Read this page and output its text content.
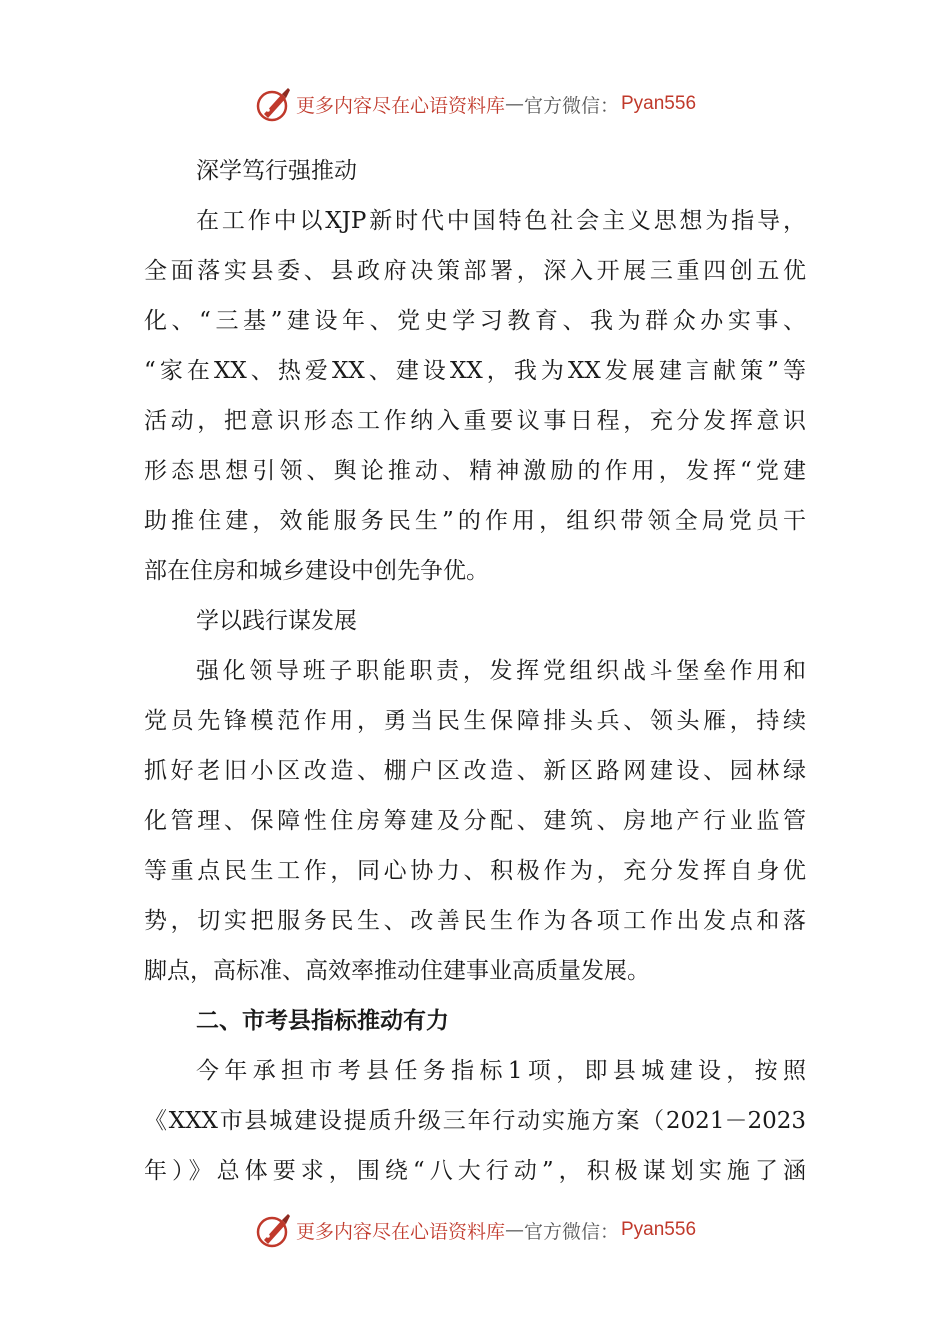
更多内容尽在心语资料库 — 官方微信： Pyan556
深学笃行强推动
在工作中以XJP新时代中国特色社会主义思想为指导，
全面落实县委、县政府决策部署，深入开展三重四创五优
化、“三基”建设年、党史学习教育、我为群众办实事、
“家在XX、热爱XX、建设XX，我为XX发展建言献策”等
活动，把意识形态工作纳入重要议事日程，充分发挥意识
形态思想引领、舆论推动、精神激励的作用，发挥“党建
助推住建，效能服务民生”的作用，组织带领全局党员干
部在住房和城乡建设中创先争优。
学以践行谋发展
强化领导班子职能职责，发挥党组织战斗堡垒作用和
党员先锋模范作用，勇当民生保障排头兵、领头雁，持续
抓好老旧小区改造、棚户区改造、新区路网建设、园林绿
化管理、保障性住房筹建及分配、建筑、房地产行业监管
等重点民生工作，同心协力、积极作为，充分发挥自身优
势，切实把服务民生、改善民生作为各项工作出发点和落
脚点，高标准、高效率推动住建事业高质量发展。
二、市考县指标推动有力
今年承担市考县任务指标1项，即县城建设，按照
《XXX市县城建设提质升级三年行动实施方案（2021－2023
年）》总体要求，围绕“八大行动”，积极谋划实施了涵
更多内容尽在心语资料库 — 官方微信： Pyan556
